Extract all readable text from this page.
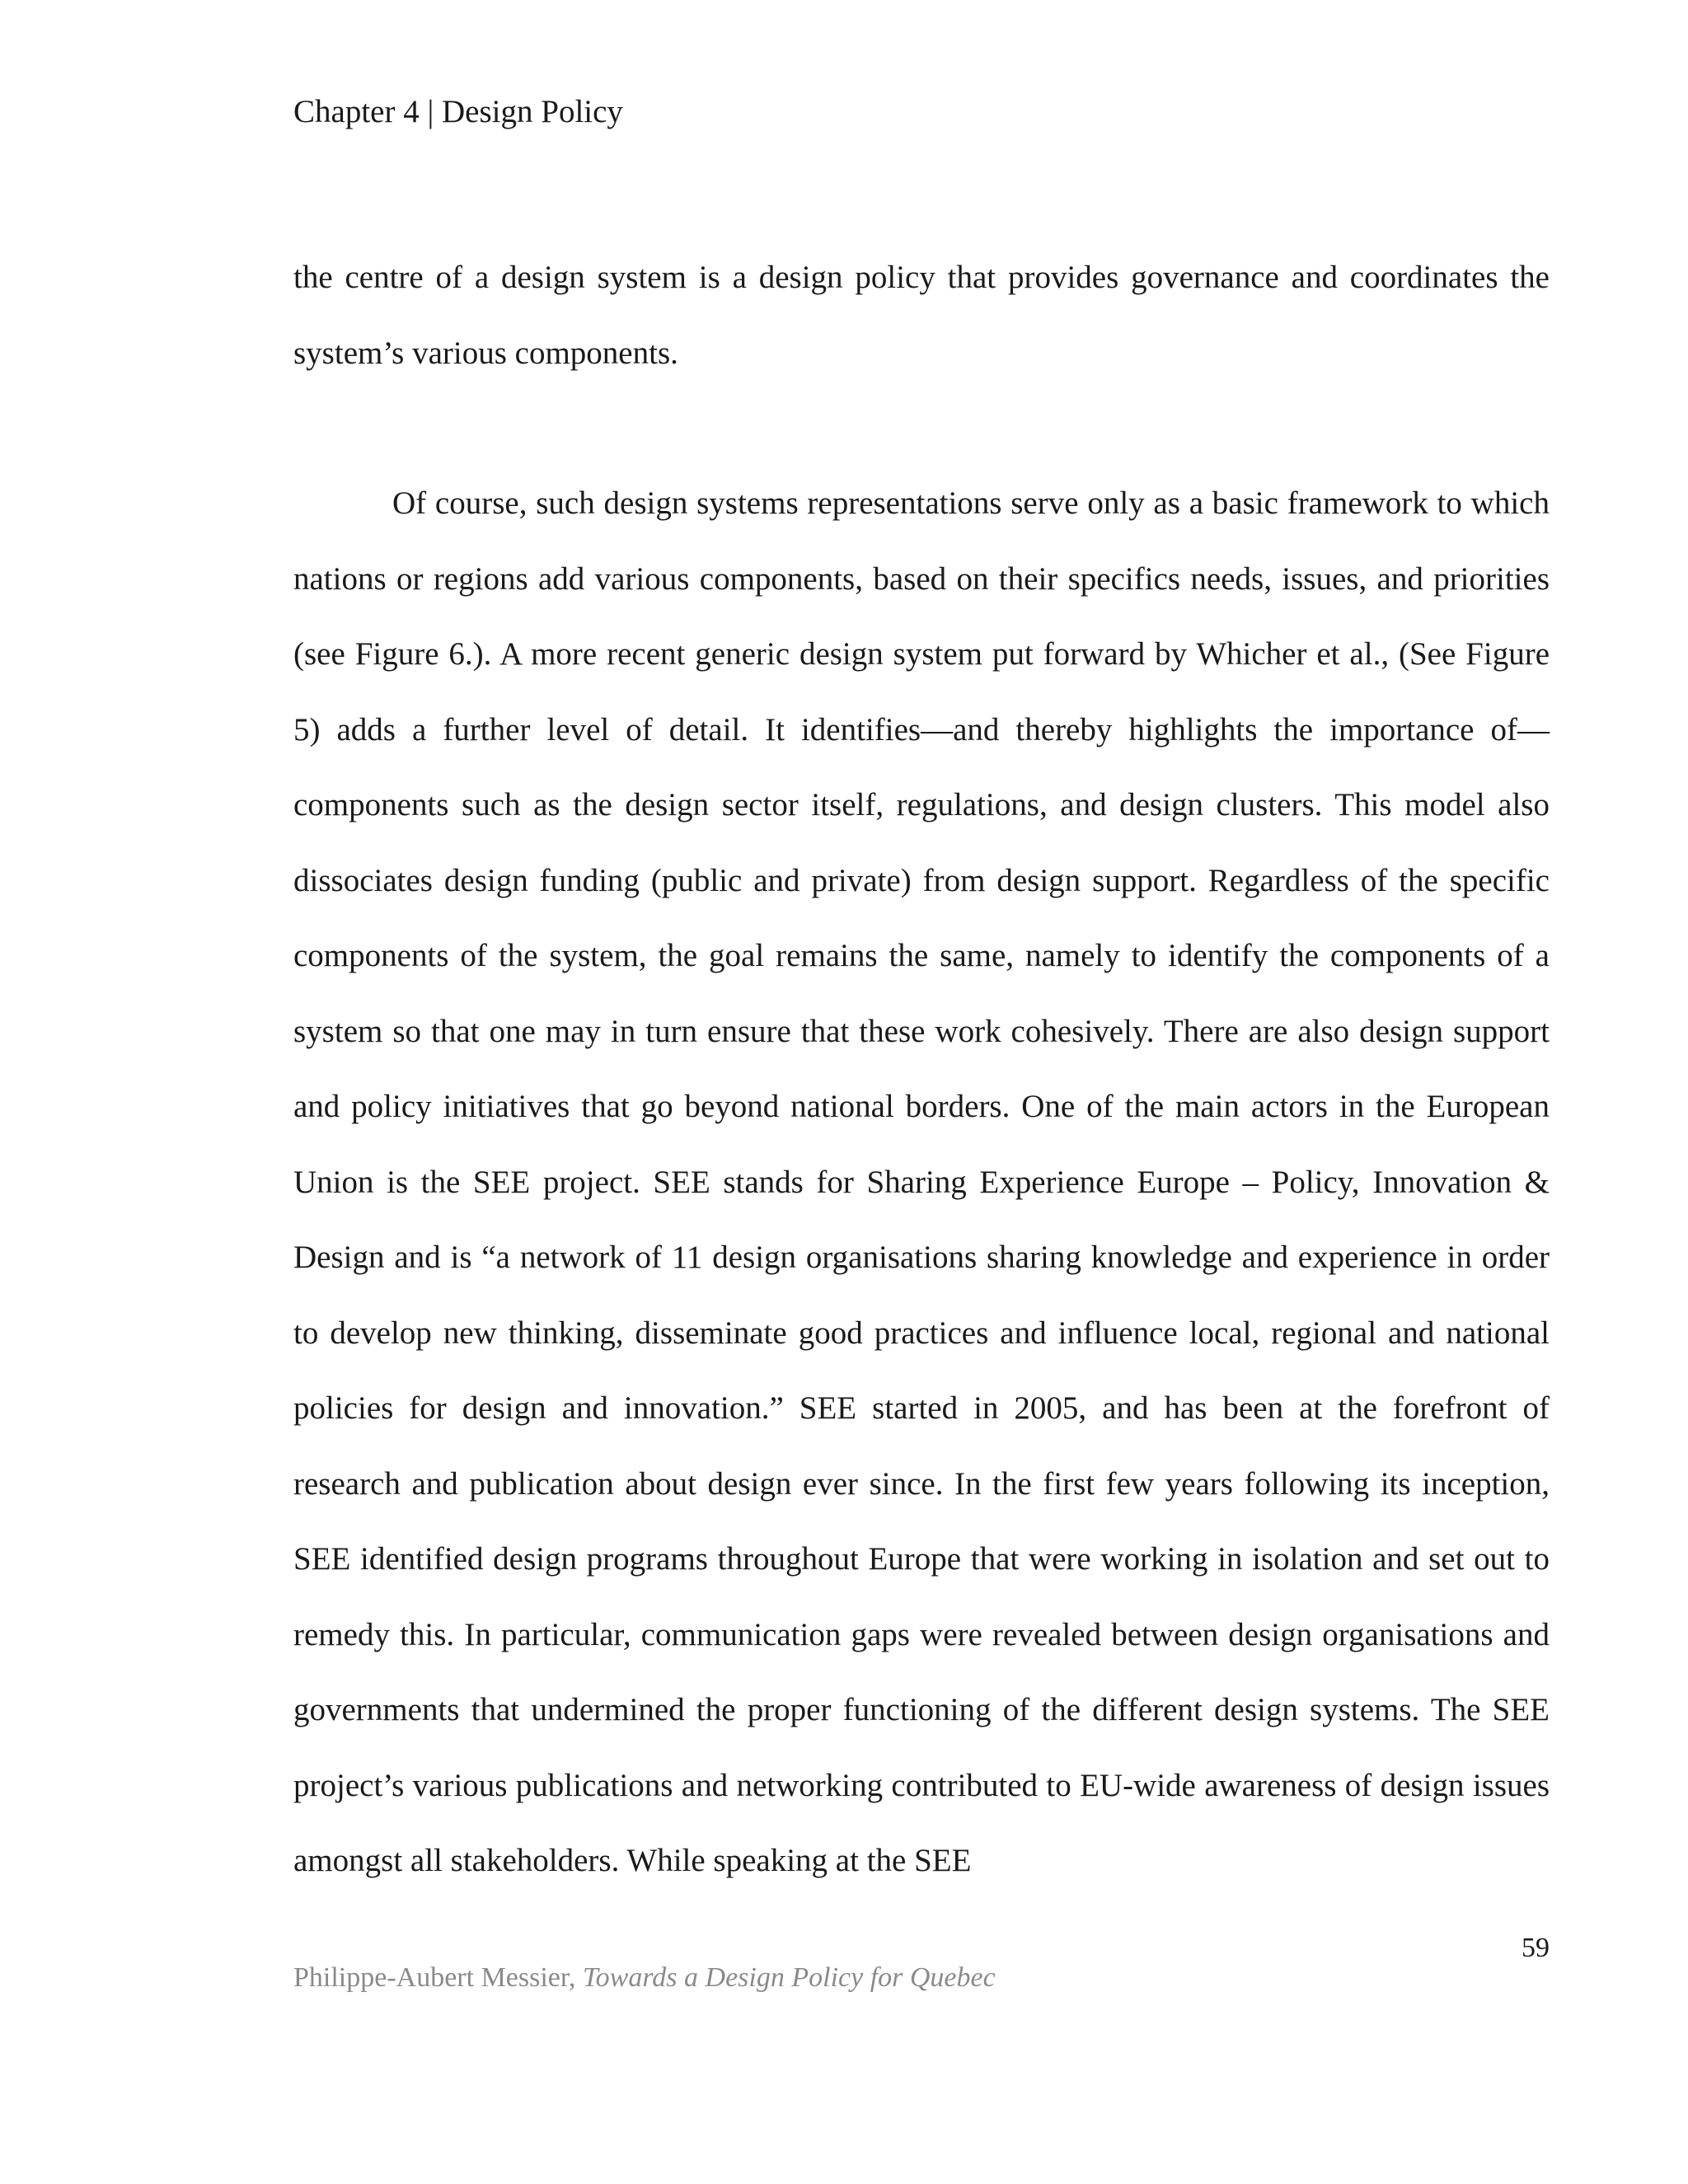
Chapter 4 | Design Policy

the centre of a design system is a design policy that provides governance and coordinates the system’s various components.

Of course, such design systems representations serve only as a basic framework to which nations or regions add various components, based on their specifics needs, issues, and priorities (see Figure 6.). A more recent generic design system put forward by Whicher et al., (See Figure 5) adds a further level of detail. It identifies—and thereby highlights the importance of—components such as the design sector itself, regulations, and design clusters. This model also dissociates design funding (public and private) from design support. Regardless of the specific components of the system, the goal remains the same, namely to identify the components of a system so that one may in turn ensure that these work cohesively. There are also design support and policy initiatives that go beyond national borders. One of the main actors in the European Union is the SEE project. SEE stands for Sharing Experience Europe – Policy, Innovation & Design and is “a network of 11 design organisations sharing knowledge and experience in order to develop new thinking, disseminate good practices and influence local, regional and national policies for design and innovation.” SEE started in 2005, and has been at the forefront of research and publication about design ever since. In the first few years following its inception, SEE identified design programs throughout Europe that were working in isolation and set out to remedy this. In particular, communication gaps were revealed between design organisations and governments that undermined the proper functioning of the different design systems. The SEE project’s various publications and networking contributed to EU-wide awareness of design issues amongst all stakeholders. While speaking at the SEE

59
Philippe-Aubert Messier, Towards a Design Policy for Quebec
